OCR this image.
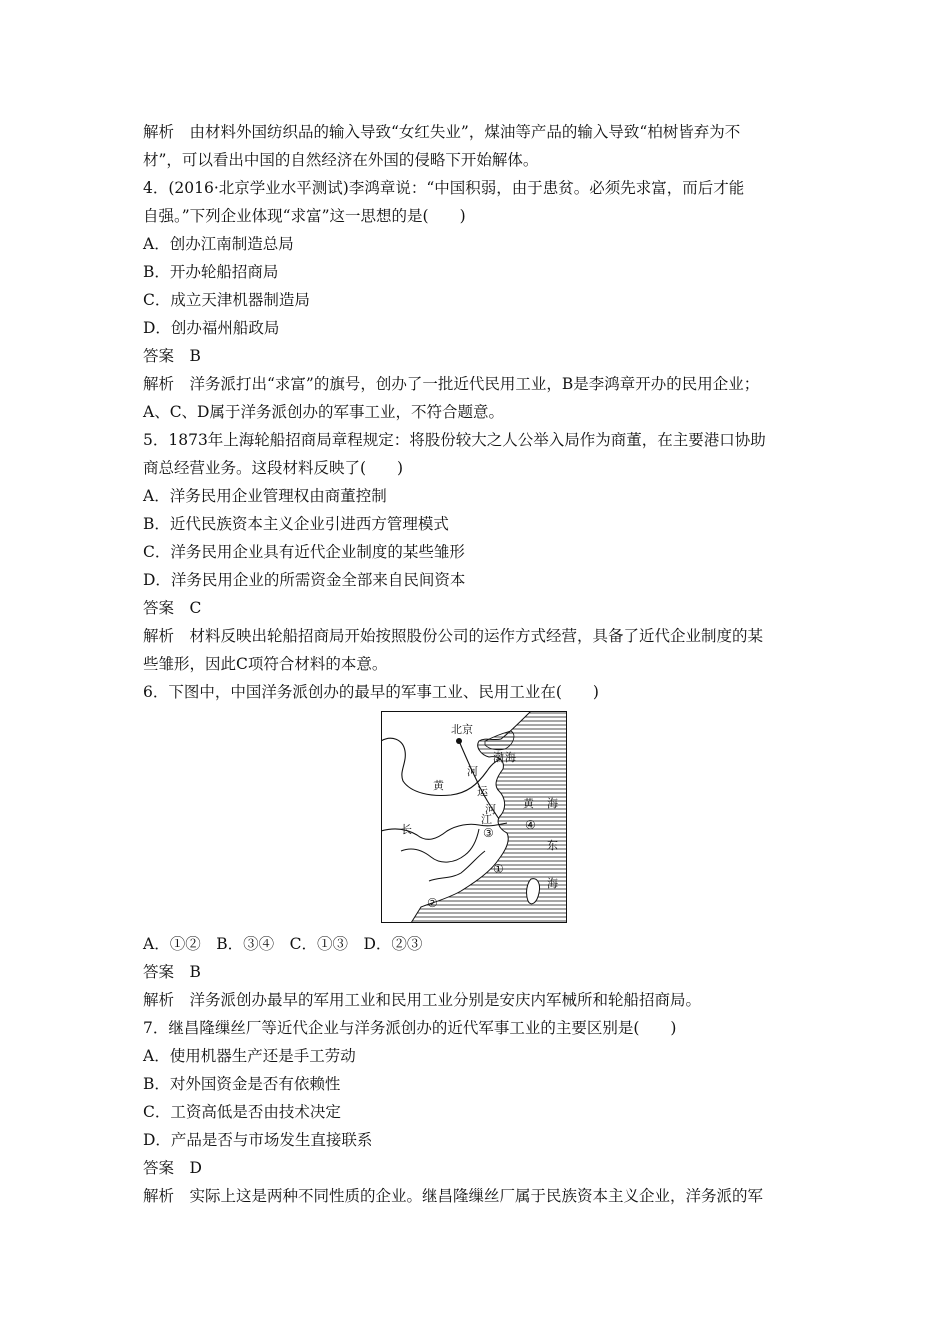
解析　由材料外国纺织品的输入导致“女红失业”，煤油等产品的输入导致“柏树皆弃为不
材”，可以看出中国的自然经济在外国的侵略下开始解体。
4．(2016·北京学业水平测试)李鸿章说：“中国积弱，由于患贫。必须先求富，而后才能
自强。”下列企业体现“求富”这一思想的是(　　)
A．创办江南制造总局
B．开办轮船招商局
C．成立天津机器制造局
D．创办福州船政局
答案　B
解析　洋务派打出“求富”的旗号，创办了一批近代民用工业，B是李鸿章开办的民用企业；
A、C、D属于洋务派创办的军事工业，不符合题意。
5．1873年上海轮船招商局章程规定：将股份较大之人公举入局作为商董，在主要港口协助
商总经营业务。这段材料反映了(　　)
A．洋务民用企业管理权由商董控制
B．近代民族资本主义企业引进西方管理模式
C．洋务民用企业具有近代企业制度的某些雏形
D．洋务民用企业的所需资金全部来自民间资本
答案　C
解析　材料反映出轮船招商局开始按照股份公司的运作方式经营，具备了近代企业制度的某
些雏形，因此C项符合材料的本意。
6．下图中，中国洋务派创办的最早的军事工业、民用工业在(　　)
北京
渤 海
黄
河
运
河 黄 海
长
江
东
海
①
②
③
④
A．①②　B．③④　C．①③　D．②③
答案　B
解析　洋务派创办最早的军用工业和民用工业分别是安庆内军械所和轮船招商局。
7．继昌隆缫丝厂等近代企业与洋务派创办的近代军事工业的主要区别是(　　)
A．使用机器生产还是手工劳动
B．对外国资金是否有依赖性
C．工资高低是否由技术决定
D．产品是否与市场发生直接联系
答案　D
解析　实际上这是两种不同性质的企业。继昌隆缫丝厂属于民族资本主义企业，洋务派的军
